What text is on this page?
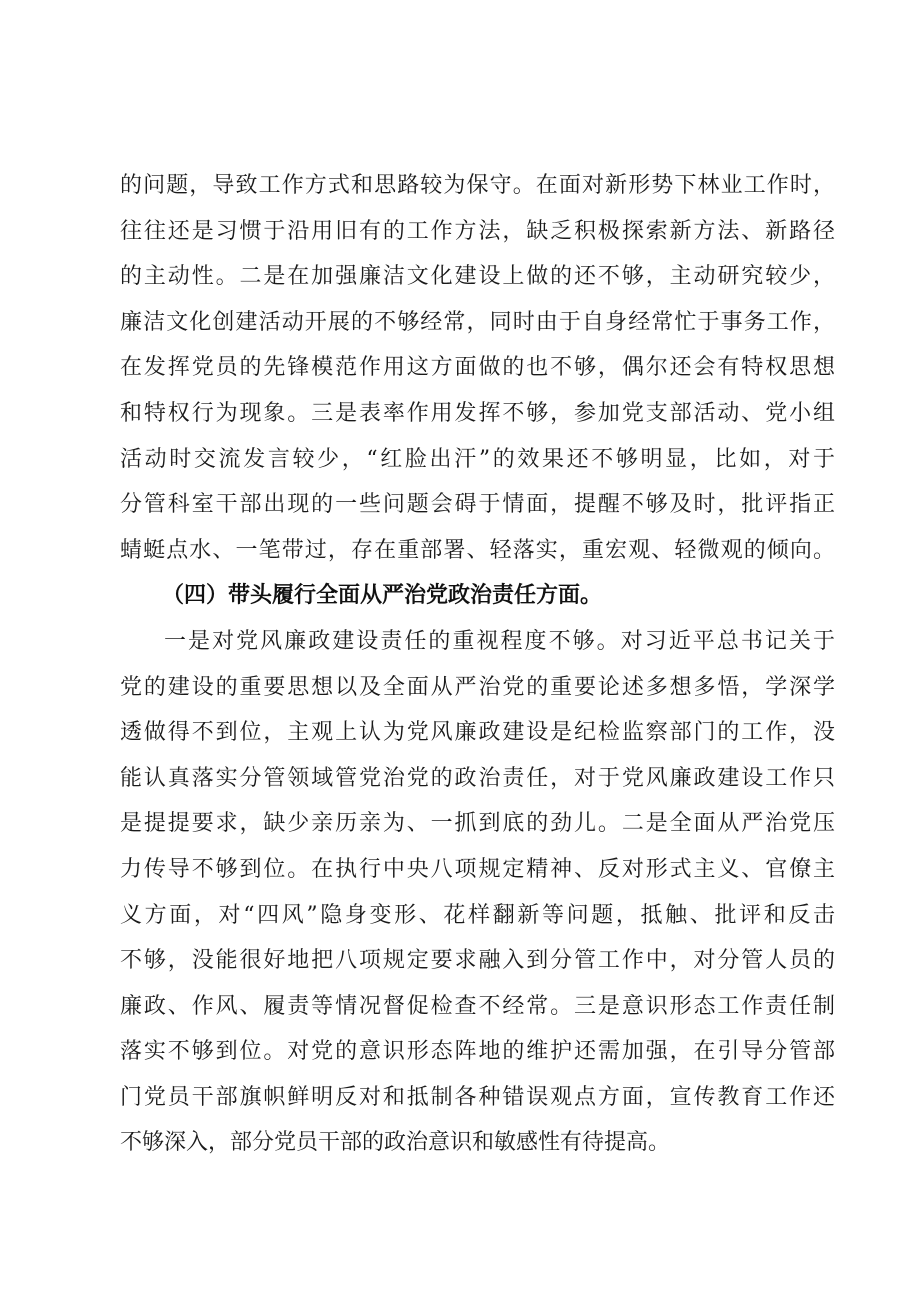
的问题，导致工作方式和思路较为保守。在面对新形势下林业工作时，
往往还是习惯于沿用旧有的工作方法，缺乏积极探索新方法、新路径
的主动性。二是在加强廉洁文化建设上做的还不够，主动研究较少，
廉洁文化创建活动开展的不够经常，同时由于自身经常忙于事务工作，
在发挥党员的先锋模范作用这方面做的也不够，偶尔还会有特权思想
和特权行为现象。三是表率作用发挥不够，参加党支部活动、党小组
活动时交流发言较少，“红脸出汗”的效果还不够明显，比如，对于
分管科室干部出现的一些问题会碍于情面，提醒不够及时，批评指正
蜻蜓点水、一笔带过，存在重部署、轻落实，重宏观、轻微观的倾向。
（四）带头履行全面从严治党政治责任方面。
一是对党风廉政建设责任的重视程度不够。对习近平总书记关于
党的建设的重要思想以及全面从严治党的重要论述多想多悟，学深学
透做得不到位，主观上认为党风廉政建设是纪检监察部门的工作，没
能认真落实分管领域管党治党的政治责任，对于党风廉政建设工作只
是提提要求，缺少亲历亲为、一抓到底的劲儿。二是全面从严治党压
力传导不够到位。在执行中央八项规定精神、反对形式主义、官僚主
义方面，对“四风”隐身变形、花样翻新等问题，抵触、批评和反击
不够，没能很好地把八项规定要求融入到分管工作中，对分管人员的
廉政、作风、履责等情况督促检查不经常。三是意识形态工作责任制
落实不够到位。对党的意识形态阵地的维护还需加强，在引导分管部
门党员干部旗帜鲜明反对和抵制各种错误观点方面，宣传教育工作还
不够深入，部分党员干部的政治意识和敏感性有待提高。
